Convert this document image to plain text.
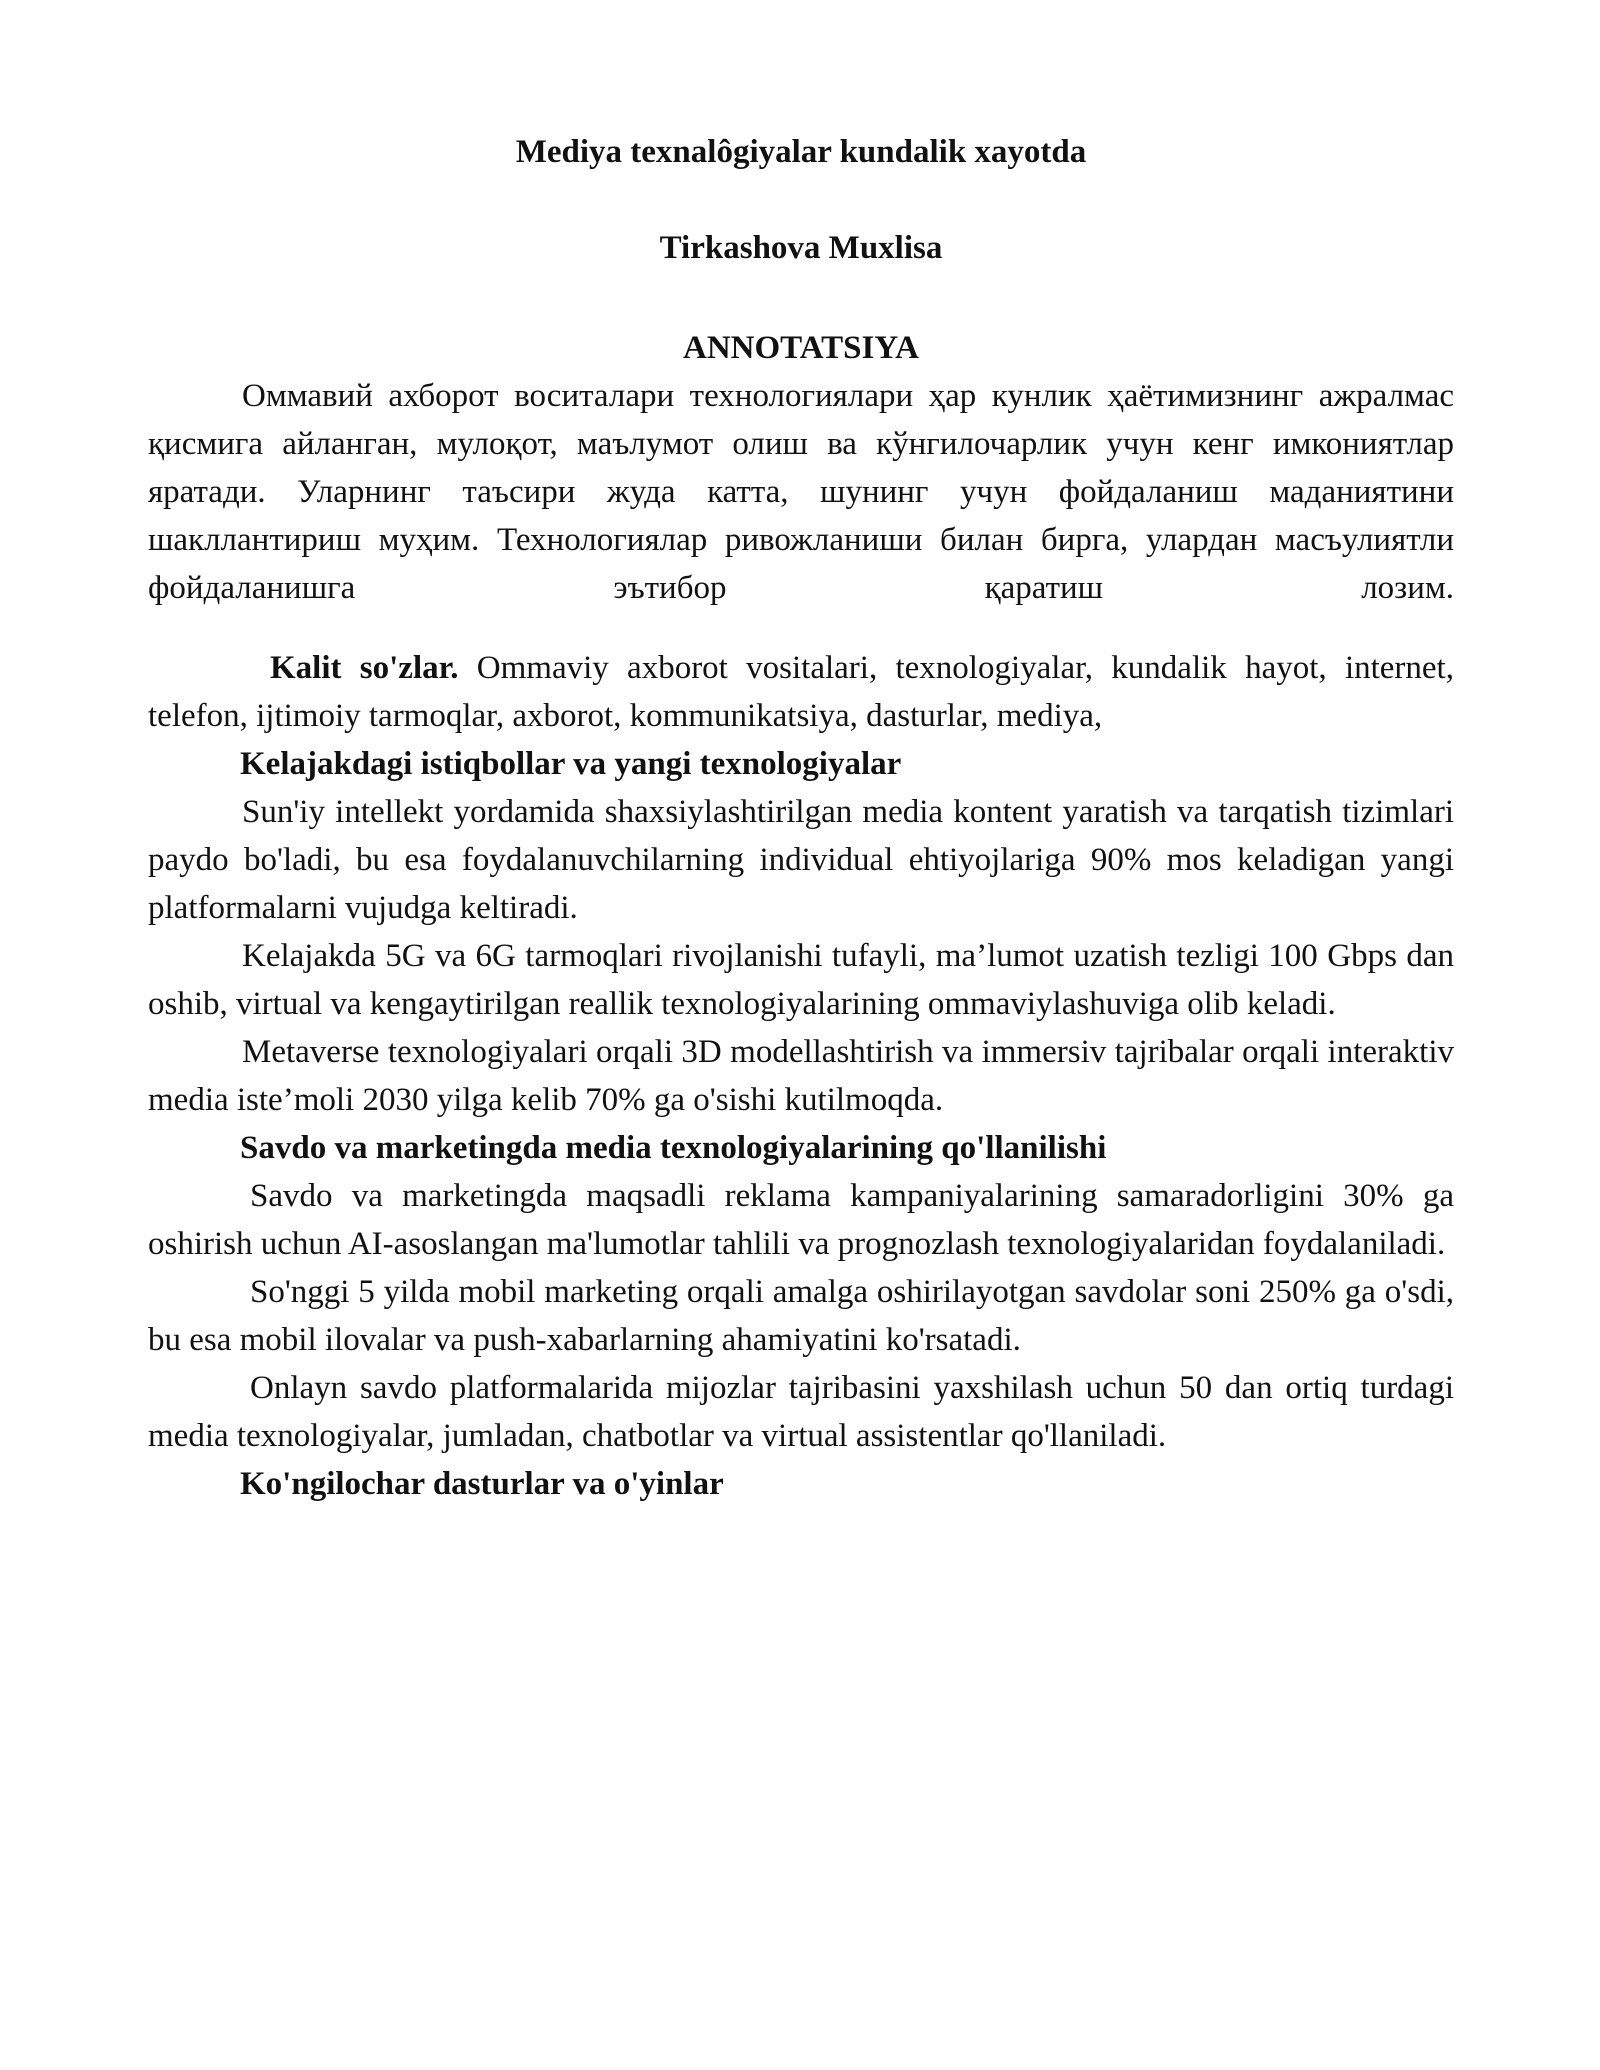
Mediya texnalôgiyalar kundalik xayotda
Tirkashova Muxlisa
ANNOTATSIYA

Оммавий ахборот воситалари технологиялари ҳар кунлик ҳаётимизнинг ажралмас қисмига айланган, мулоқот, маълумот олиш ва кўнгилочарлик учун кенг имкониятлар яратади. Уларнинг таъсири жуда катта, шунинг учун фойдаланиш маданиятини шакллантириш муҳим. Технологиялар ривожланиши билан бирга, улардан масъулиятли фойдаланишга эътибор қаратиш лозим.

Kalit so'zlar. Ommaviy axborot vositalari, texnologiyalar, kundalik hayot, internet, telefon, ijtimoiy tarmoqlar, axborot, kommunikatsiya, dasturlar, mediya,

Kelajakdagi istiqbollar va yangi texnologiyalar

Sun'iy intellekt yordamida shaxsiylashtirilgan media kontent yaratish va tarqatish tizimlari paydo bo'ladi, bu esa foydalanuvchilarning individual ehtiyojlariga 90% mos keladigan yangi platformalarni vujudga keltiradi.

Kelajakda 5G va 6G tarmoqlari rivojlanishi tufayli, ma’lumot uzatish tezligi 100 Gbps dan oshib, virtual va kengaytirilgan reallik texnologiyalarining ommaviylashuviga olib keladi.

Metaverse texnologiyalari orqali 3D modellashtirish va immersiv tajribalar orqali interaktiv media iste’moli 2030 yilga kelib 70% ga o'sishi kutilmoqda.

Savdo va marketingda media texnologiyalarining qo'llanilishi

Savdo va marketingda maqsadli reklama kampaniyalarining samaradorligini 30% ga oshirish uchun AI-asoslangan ma'lumotlar tahlili va prognozlash texnologiyalaridan foydalaniladi.

So'nggi 5 yilda mobil marketing orqali amalga oshirilayotgan savdolar soni 250% ga o'sdi, bu esa mobil ilovalar va push-xabarlarning ahamiyatini ko'rsatadi.

Onlayn savdo platformalarida mijozlar tajribasini yaxshilash uchun 50 dan ortiq turdagi media texnologiyalar, jumladan, chatbotlar va virtual assistentlar qo'llaniladi.

Ko'ngilochar dasturlar va o'yinlar
